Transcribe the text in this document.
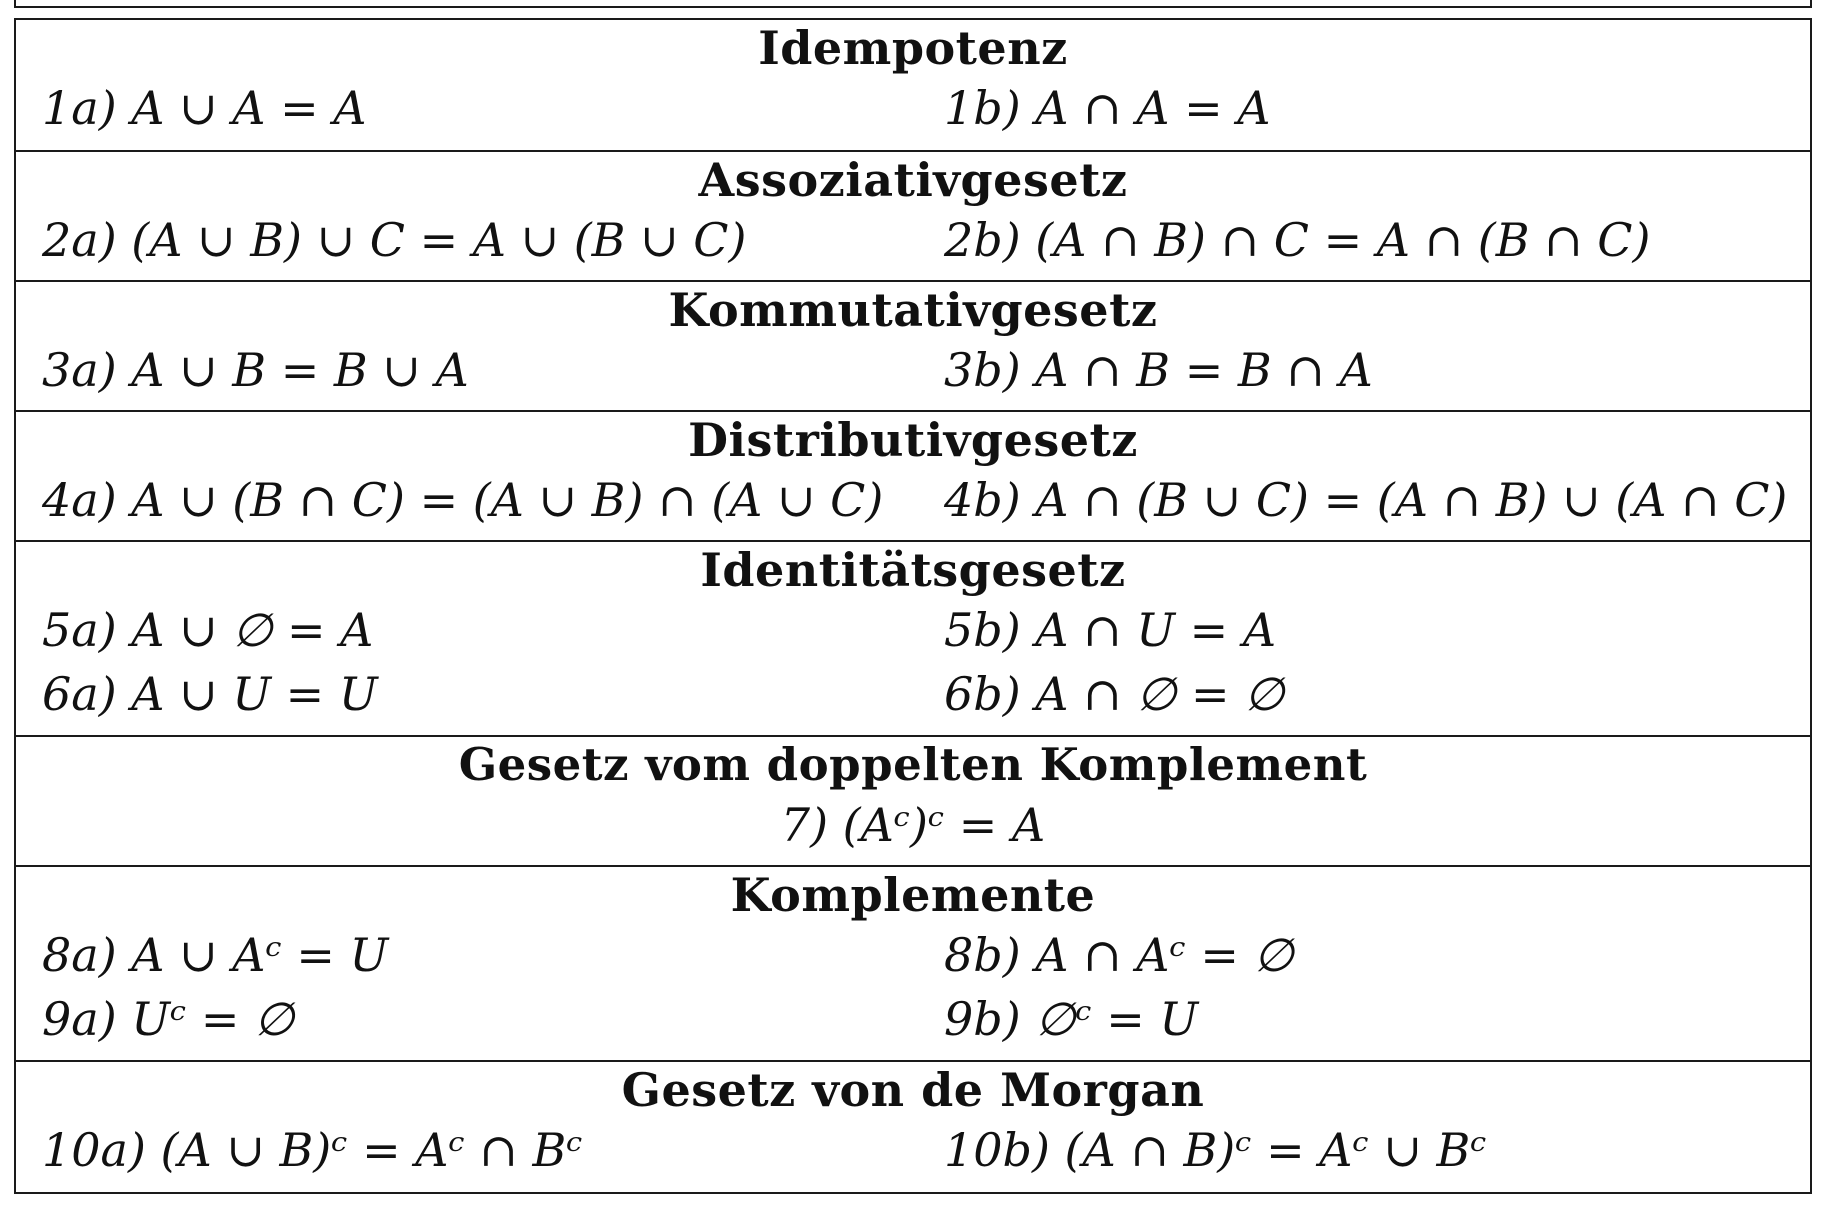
Idempotenz
1a) A ∪ A = A	1b) A ∩ A = A
Assoziativgesetz
2a) (A ∪ B) ∪ C = A ∪ (B ∪ C)	2b) (A ∩ B) ∩ C = A ∩ (B ∩ C)
Kommutativgesetz
3a) A ∪ B = B ∪ A	3b) A ∩ B = B ∩ A
Distributivgesetz
4a) A ∪ (B ∩ C) = (A ∪ B) ∩ (A ∪ C) 4b) A ∩ (B ∪ C) = (A ∩ B) ∪ (A ∩ C)
Identitätsgesetz
5a) A ∪ ∅ = A	5b) A ∩ U = A
6a) A ∪ U = U	6b) A ∩ ∅ = ∅
Gesetz vom doppelten Komplement
7) (Aᶜ)ᶜ = A
Komplemente
8a) A ∪ Aᶜ = U	8b) A ∩ Aᶜ = ∅
9a) Uᶜ = ∅	9b) ∅ᶜ = U
Gesetz von de Morgan
10a) (A ∪ B)ᶜ = Aᶜ ∩ Bᶜ	10b) (A ∩ B)ᶜ = Aᶜ ∪ Bᶜ
